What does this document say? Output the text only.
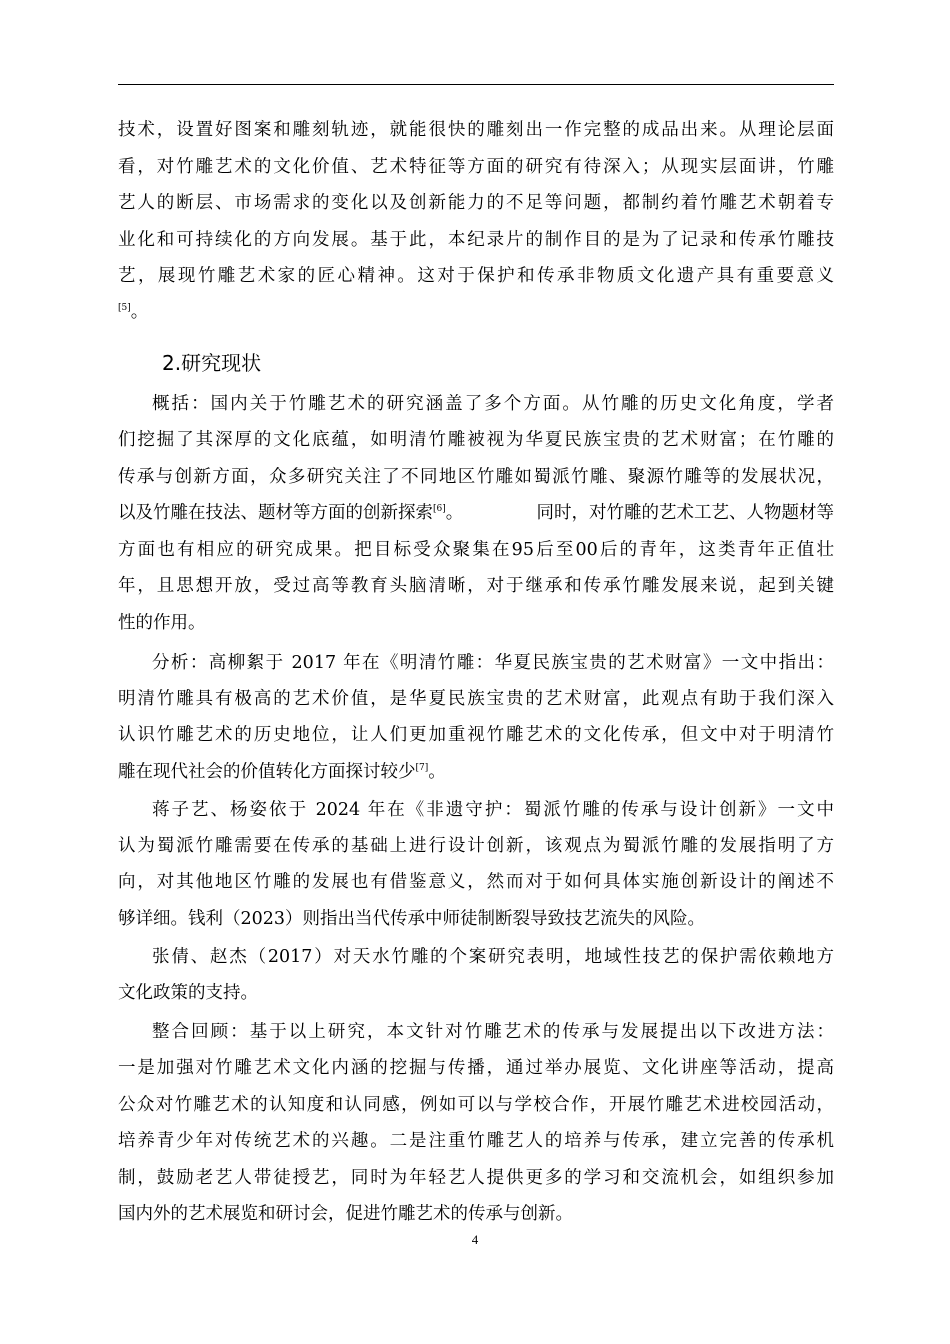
技术，设置好图案和雕刻轨迹，就能很快的雕刻出一作完整的成品出来。从理论层面
看，对竹雕艺术的文化价值、艺术特征等方面的研究有待深入；从现实层面讲，竹雕
艺人的断层、市场需求的变化以及创新能力的不足等问题，都制约着竹雕艺术朝着专
业化和可持续化的方向发展。基于此，本纪录片的制作目的是为了记录和传承竹雕技
艺，展现竹雕艺术家的匠心精神。这对于保护和传承非物质文化遗产具有重要意义
[5]。
2.研究现状
概括：国内关于竹雕艺术的研究涵盖了多个方面。从竹雕的历史文化角度，学者
们挖掘了其深厚的文化底蕴，如明清竹雕被视为华夏民族宝贵的艺术财富；在竹雕的
传承与创新方面，众多研究关注了不同地区竹雕如蜀派竹雕、聚源竹雕等的发展状况，
以及竹雕在技法、题材等方面的创新探索[6]。	同时，对竹雕的艺术工艺、人物题材等
方面也有相应的研究成果。把目标受众聚集在95后至00后的青年，这类青年正值壮
年，且思想开放，受过高等教育头脑清晰，对于继承和传承竹雕发展来说，起到关键
性的作用。
分析：高柳絮于 2017 年在《明清竹雕：华夏民族宝贵的艺术财富》一文中指出：
明清竹雕具有极高的艺术价值，是华夏民族宝贵的艺术财富，此观点有助于我们深入
认识竹雕艺术的历史地位，让人们更加重视竹雕艺术的文化传承，但文中对于明清竹
雕在现代社会的价值转化方面探讨较少[7]。
蒋子艺、杨姿依于 2024 年在《非遗守护：蜀派竹雕的传承与设计创新》一文中
认为蜀派竹雕需要在传承的基础上进行设计创新，该观点为蜀派竹雕的发展指明了方
向，对其他地区竹雕的发展也有借鉴意义，然而对于如何具体实施创新设计的阐述不
够详细。钱利（2023）则指出当代传承中师徒制断裂导致技艺流失的风险。
张倩、赵杰（2017）对天水竹雕的个案研究表明，地域性技艺的保护需依赖地方
文化政策的支持。
整合回顾：基于以上研究，本文针对竹雕艺术的传承与发展提出以下改进方法：
一是加强对竹雕艺术文化内涵的挖掘与传播，通过举办展览、文化讲座等活动，提高
公众对竹雕艺术的认知度和认同感，例如可以与学校合作，开展竹雕艺术进校园活动，
培养青少年对传统艺术的兴趣。二是注重竹雕艺人的培养与传承，建立完善的传承机
制，鼓励老艺人带徒授艺，同时为年轻艺人提供更多的学习和交流机会，如组织参加
国内外的艺术展览和研讨会，促进竹雕艺术的传承与创新。
4
